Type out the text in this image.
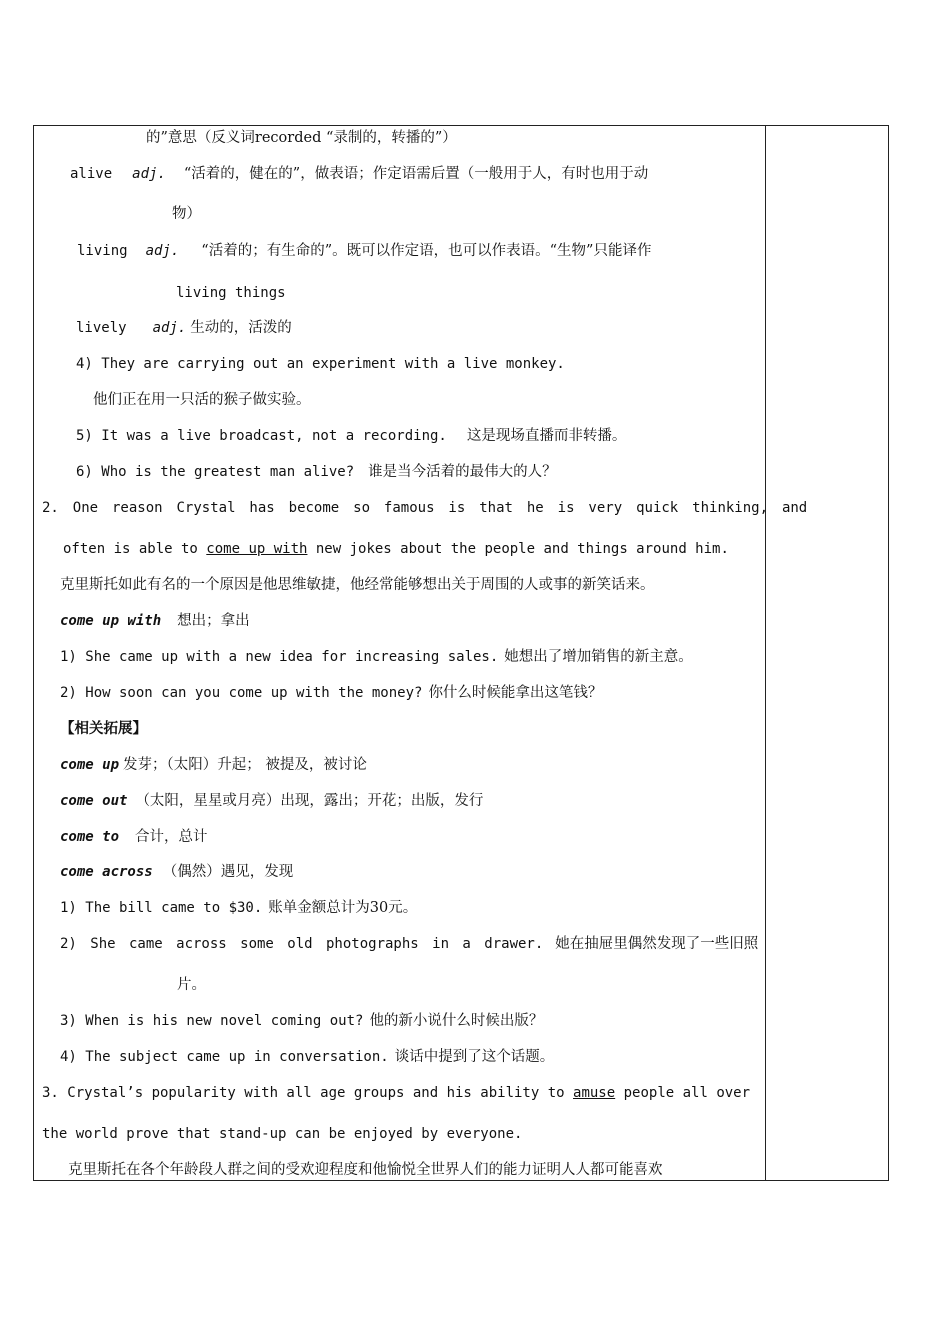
的”意思（反义词recorded “录制的，转播的”）
alive adj. “活着的，健在的”，做表语；作定语需后置（一般用于人，有时也用于动
物）
living adj. “活着的；有生命的”。既可以作定语，也可以作表语。“生物”只能译作
living things
lively adj. 生动的，活泼的
4) They are carrying out an experiment with a live monkey.
他们正在用一只活的猴子做实验。
5) It was a live broadcast, not a recording. 这是现场直播而非转播。
6) Who is the greatest man alive? 谁是当今活着的最伟大的人？
2. One reason Crystal has become so famous is that he is very quick thinking, and
often is able to come up with new jokes about the people and things around him.
克里斯托如此有名的一个原因是他思维敏捷，他经常能够想出关于周围的人或事的新笑话来。
come up with 想出；拿出
1) She came up with a new idea for increasing sales. 她想出了增加销售的新主意。
2) How soon can you come up with the money? 你什么时候能拿出这笔钱？
【相关拓展】
come up 发芽；（太阳）升起； 被提及，被讨论
come out （太阳，星星或月亮）出现，露出；开花；出版，发行
come to 合计，总计
come across （偶然）遇见，发现
1) The bill came to $30. 账单金额总计为30元。
2) She came across some old photographs in a drawer. 她在抽屉里偶然发现了一些旧照
片。
3) When is his new novel coming out? 他的新小说什么时候出版？
4) The subject came up in conversation. 谈话中提到了这个话题。
3. Crystal’s popularity with all age groups and his ability to amuse people all over
the world prove that stand-up can be enjoyed by everyone.
克里斯托在各个年龄段人群之间的受欢迎程度和他愉悦全世界人们的能力证明人人都可能喜欢
